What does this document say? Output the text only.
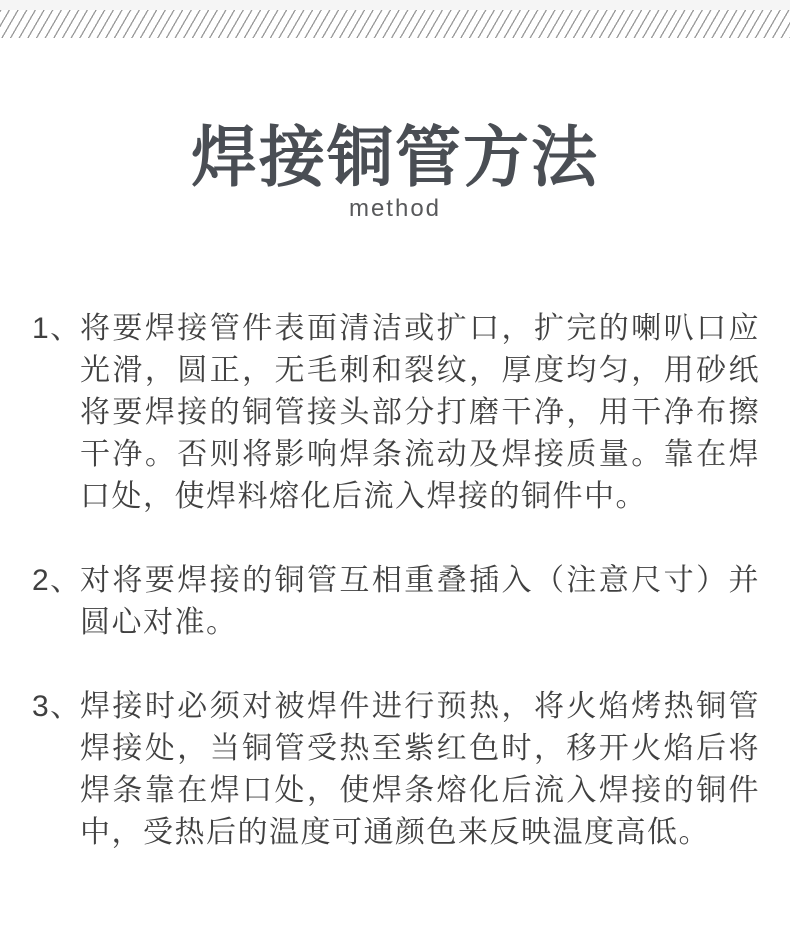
焊接铜管方法
method
1、

将要焊接管件表面清洁或扩口，扩完的喇叭口应光滑，圆正，无毛刺和裂纹，厚度均匀，用砂纸将要焊接的铜管接头部分打磨干净，用干净布擦干净。否则将影响焊条流动及焊接质量。靠在焊口处，使焊料熔化后流入焊接的铜件中。

2、

对将要焊接的铜管互相重叠插入（注意尺寸）并圆心对准。

3、

焊接时必须对被焊件进行预热，将火焰烤热铜管焊接处，当铜管受热至紫红色时，移开火焰后将焊条靠在焊口处，使焊条熔化后流入焊接的铜件中，受热后的温度可通颜色来反映温度高低。
